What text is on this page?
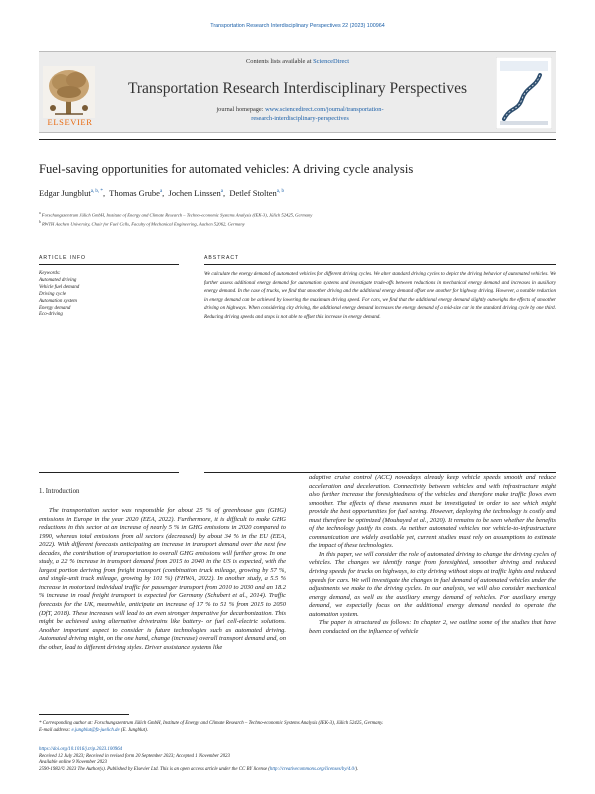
Transportation Research Interdisciplinary Perspectives 22 (2023) 100964
Contents lists available at ScienceDirect
ELSEVIER
Transportation Research Interdisciplinary Perspectives
journal homepage: www.sciencedirect.com/journal/transportation-
research-interdisciplinary-perspectives
Fuel-saving opportunities for automated vehicles: A driving cycle analysis
Edgar Jungblut$^{a, b, *}$,  Thomas Grube$^a$,  Jochen Linssen$^a$,  Detlef Stolten$^{a, b}$
$^a$ Forschungszentrum Jülich GmbH, Institute of Energy and Climate Research – Techno-economic Systems Analysis (IEK-3), Jülich 52425, Germany
$^b$ RWTH Aachen University, Chair for Fuel Cells, Faculty of Mechanical Engineering, Aachen 52062, Germany
ARTICLE INFO	ABSTRACT
Keywords:
Automated driving
Vehicle fuel demand
Driving cycle
Automation system
Energy demand
Eco-driving
We calculate the energy demand of automated vehicles for different driving cycles. We alter standard driving cycles to depict the driving behavior of automated vehicles. We further assess additional energy demand for automation systems and investigate trade-offs between reductions in mechanical energy demand and increases in auxiliary energy demand. In the case of trucks, we find that smoother driving and the additional energy demand offset one another for highway driving. However, a notable reduction in energy demand can be achieved by lowering the maximum driving speed. For cars, we find that the additional energy demand slightly outweighs the effects of smoother driving on highways. When considering city driving, the additional energy demand increases the energy demand of a mid-size car in the standard driving cycle by one third. Reducing driving speeds and stops is not able to offset this increase in energy demand.
1. Introduction

The transportation sector was responsible for about 25 % of greenhouse gas (GHG) emissions in Europe in the year 2020 (EEA, 2022). Furthermore, it is difficult to make GHG reductions in this sector at an increase of nearly 5 % in GHG emissions in 2020 compared to 1990, whereas total emissions from all sectors (decreased) by about 34 % in the EU (EEA, 2022). With different forecasts anticipating an increase in transport demand over the next few decades, the contribution of transportation to overall GHG emissions will further grow. In one study, a 22 % increase in transport demand from 2015 to 2040 in the US is expected, with the largest portion deriving from freight transport (combination truck mileage, growing by 57 %, and single-unit truck mileage, growing by 101 %) (FHWA, 2022). In another study, a 5.5 % increase in motorized individual traffic for passenger transport from 2010 to 2030 and an 18.2 % increase in road freight transport is expected for Germany (Schubert et al., 2014). Traffic forecasts for the UK, meanwhile, anticipate an increase of 17 % to 51 % from 2015 to 2050 (DfT, 2018). These increases will lead to an even stronger imperative for decarbonization. This might be achieved using alternative drivetrains like battery- or fuel cell-electric solutions. Another important aspect to consider is future technologies such as automated driving. Automated driving might, on the one hand, change (increase) overall transport demand and, on the other, lead to different driving styles. Driver assistance systems like

adaptive cruise control (ACC) nowadays already keep vehicle speeds smooth and reduce acceleration and deceleration. Connectivity between vehicles and with infrastructure might also further increase the foresightedness of the vehicles and therefore make traffic flows even smoother. The effects of these measures must be investigated in order to see which might provide the best opportunities for fuel saving. However, deploying the technology is costly and must therefore be optimized (Mouhayed et al., 2020). It remains to be seen whether the benefits of the technology justify its costs. As neither automated vehicles nor vehicle-to-infrastructure communication are widely available yet, current studies must rely on assumptions to estimate the impact of these technologies.

In this paper, we will consider the role of automated driving to change the driving cycles of vehicles. The changes we identify range from foresighted, smoother driving and reduced driving speeds for trucks on highways, to city driving without stops at traffic lights and reduced speeds for cars. We will investigate the changes in fuel demand of automated vehicles under the adjustments we make to the driving cycles. In our analysis, we will also consider mechanical energy demand, as well as the auxiliary energy demand of vehicles. For auxiliary energy demand, we especially focus on the additional energy demand needed to operate the automation system.

The paper is structured as follows: In chapter 2, we outline some of the studies that have been conducted on the influence of vehicle

* Corresponding author at: Forschungszentrum Jülich GmbH, Institute of Energy and Climate Research – Techno-economic Systems Analysis (IEK-3), Jülich 52425, Germany.
E-mail address: e.jungblut@fz-juelich.de (E. Jungblut).
https://doi.org/10.1016/j.trip.2023.100964
Received 12 July 2023; Received in revised form 20 September 2023; Accepted 1 November 2023
Available online 9 November 2023
2590-1982/© 2023 The Author(s). Published by Elsevier Ltd. This is an open access article under the CC BY license (http://creativecommons.org/licenses/by/4.0/).
